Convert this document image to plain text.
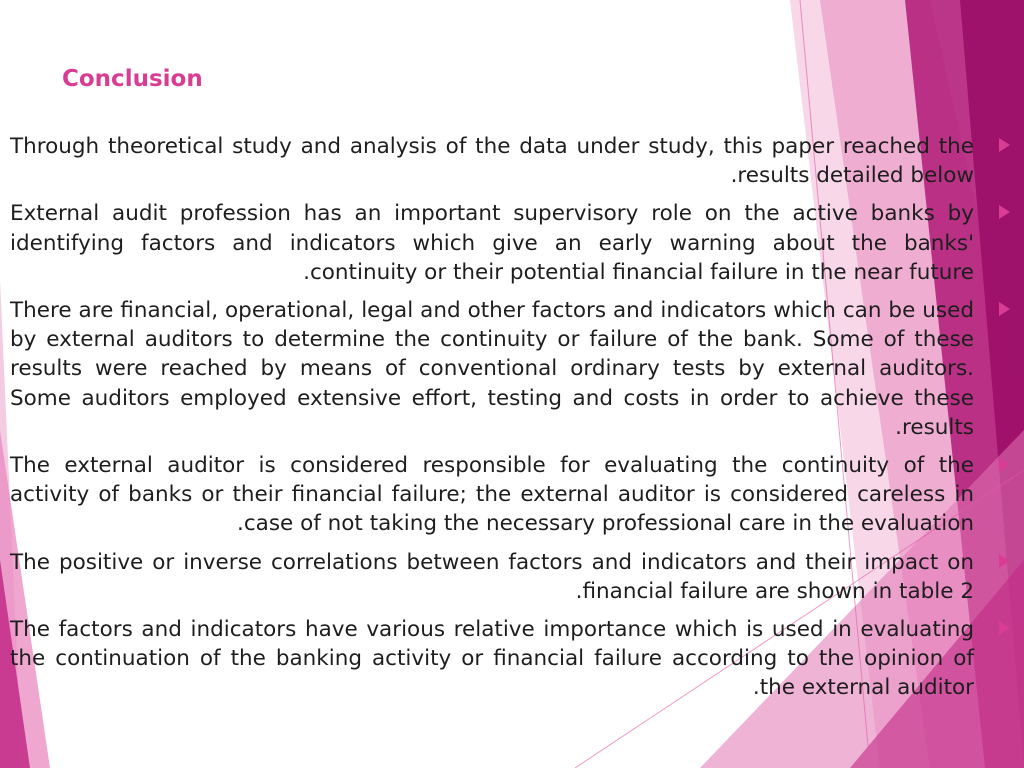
Conclusion

Through theoretical study and analysis of the data under study, this paper reached the results detailed below.

External audit profession has an important supervisory role on the active banks by identifying factors and indicators which give an early warning about the banks' continuity or their potential financial failure in the near future.

There are financial, operational, legal and other factors and indicators which can be used by external auditors to determine the continuity or failure of the bank. Some of these results were reached by means of conventional ordinary tests by external auditors. Some auditors employed extensive effort, testing and costs in order to achieve these results.

The external auditor is considered responsible for evaluating the continuity of the activity of banks or their financial failure; the external auditor is considered careless in case of not taking the necessary professional care in the evaluation.

The positive or inverse correlations between factors and indicators and their impact on financial failure are shown in table 2.

The factors and indicators have various relative importance which is used in evaluating the continuation of the banking activity or financial failure according to the opinion of the external auditor.
